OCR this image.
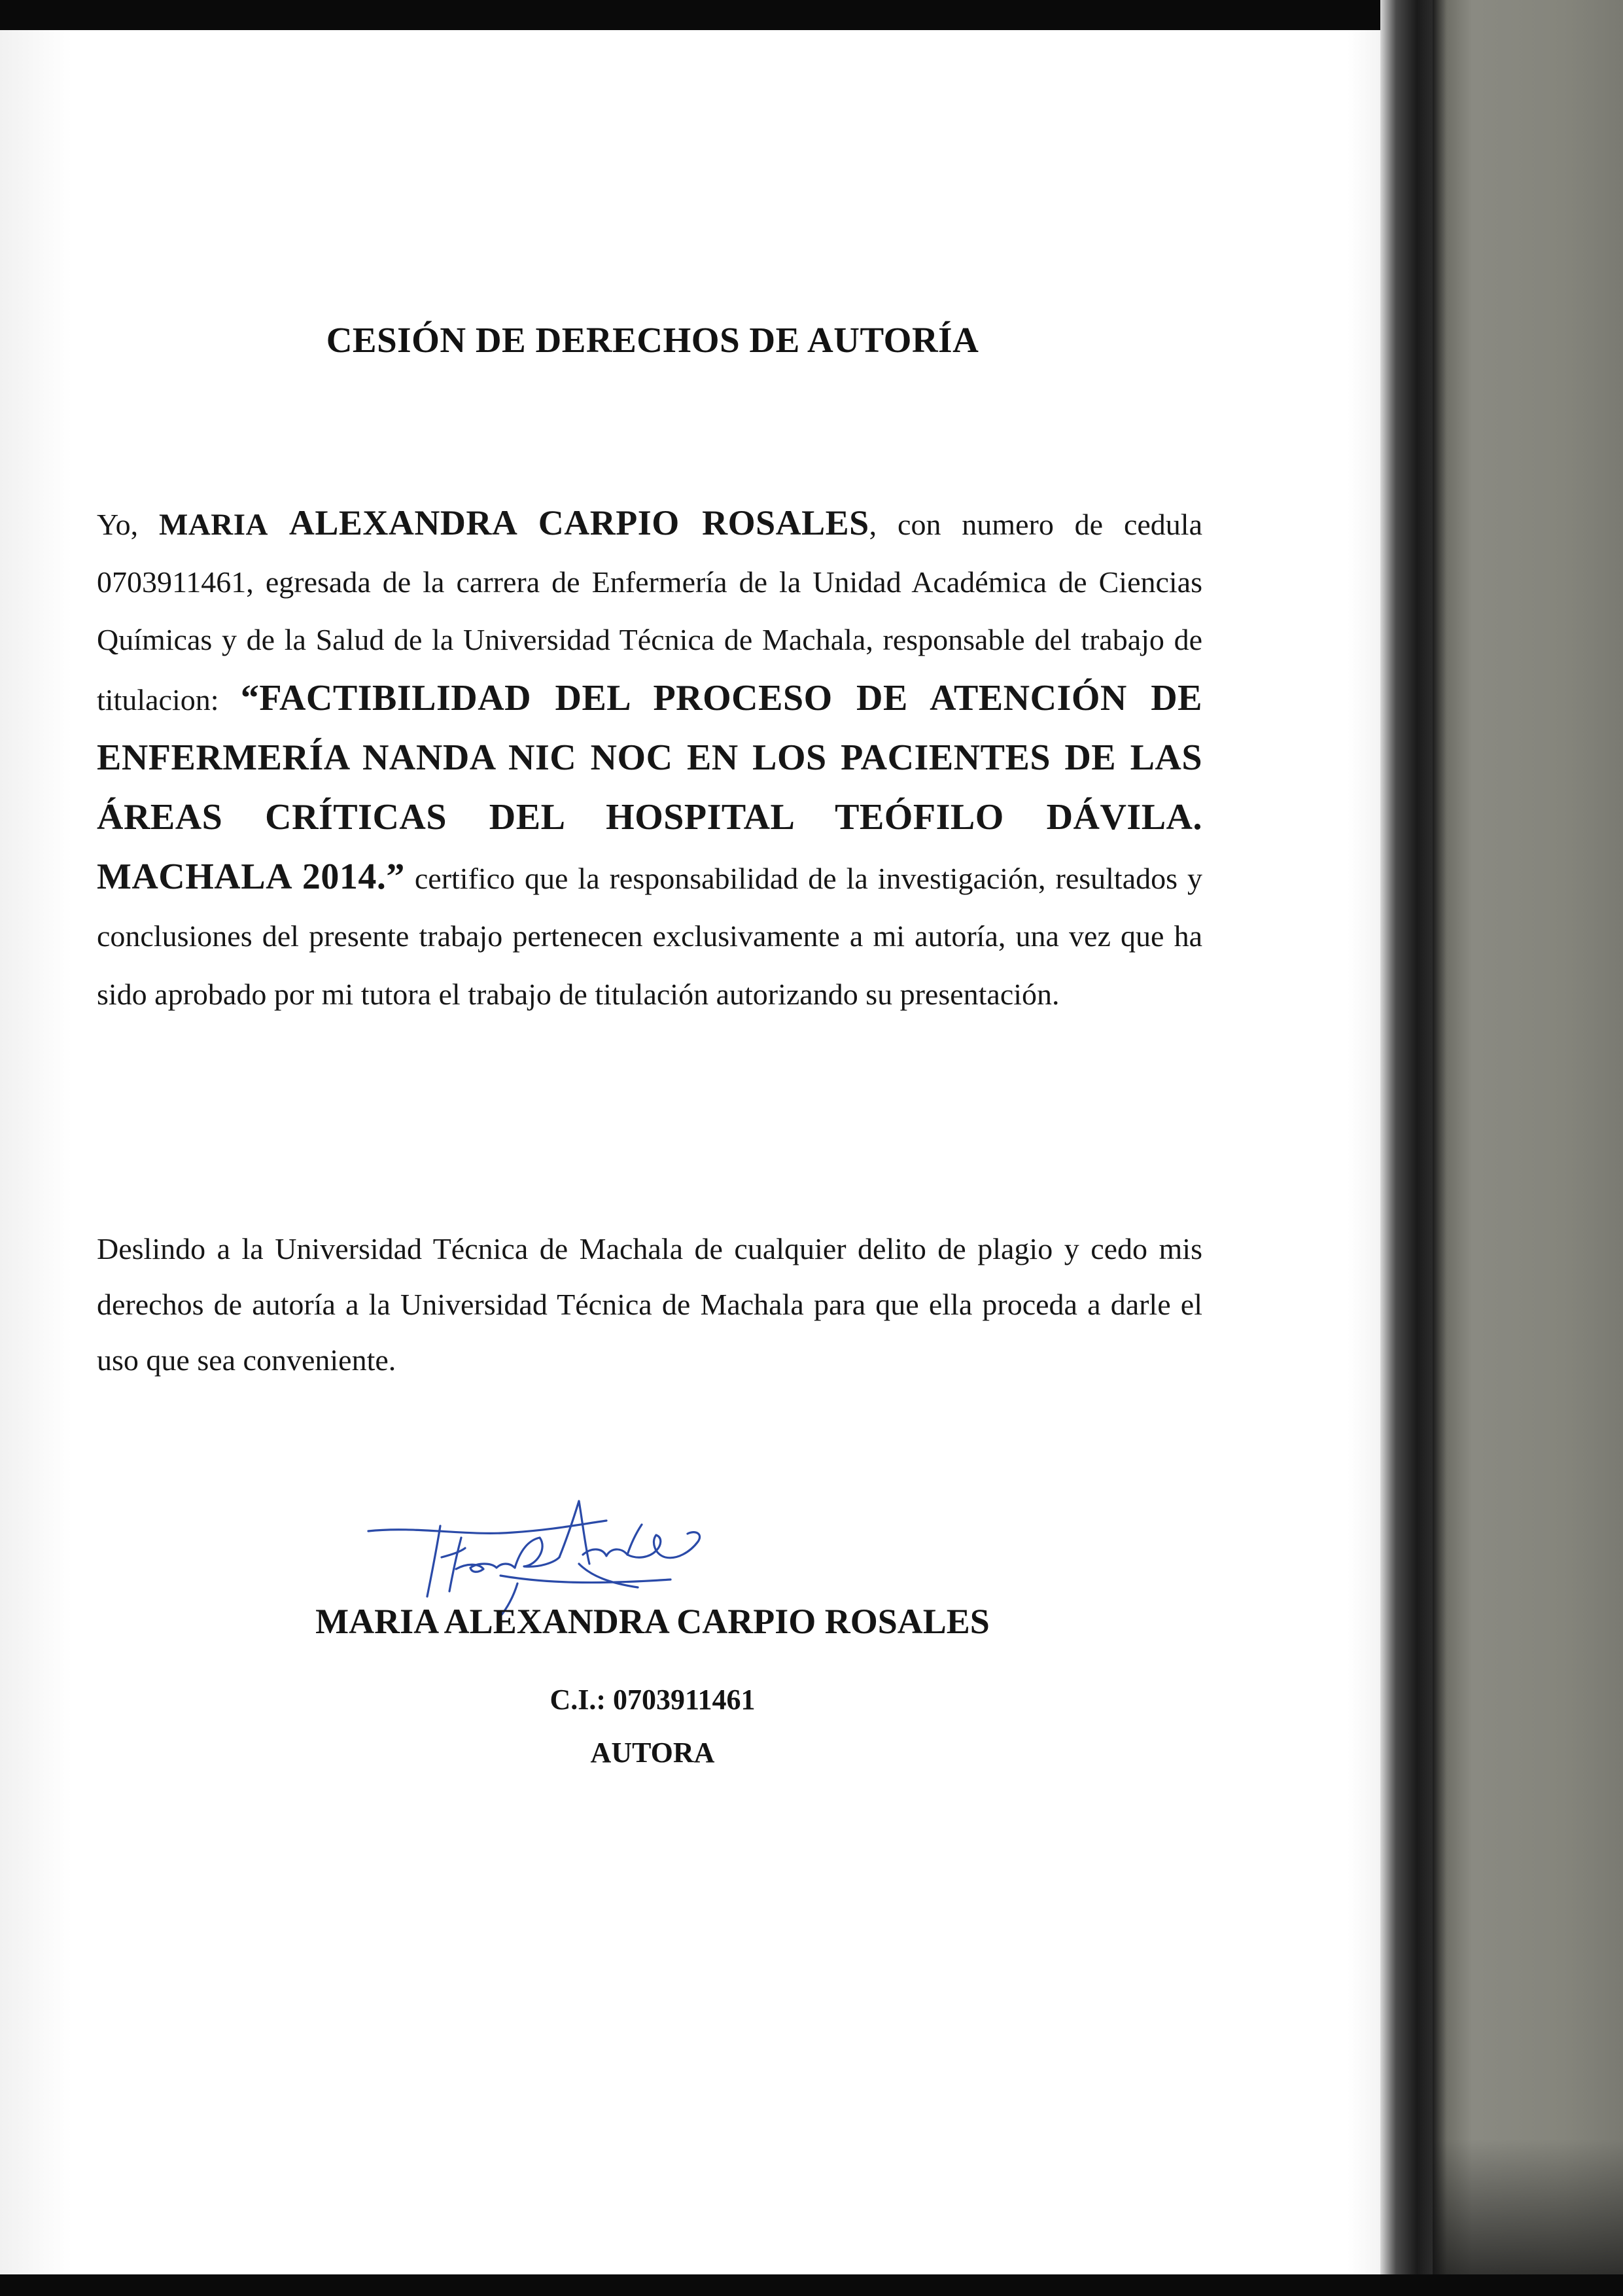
CESIÓN DE DERECHOS DE AUTORÍA
Yo, MARIA ALEXANDRA CARPIO ROSALES, con numero de cedula 0703911461, egresada de la carrera de Enfermería de la Unidad Académica de Ciencias Químicas y de la Salud de la Universidad Técnica de Machala, responsable del trabajo de titulacion: “FACTIBILIDAD DEL PROCESO DE ATENCIÓN DE ENFERMERÍA NANDA NIC NOC EN LOS PACIENTES DE LAS ÁREAS CRÍTICAS DEL HOSPITAL TEÓFILO DÁVILA. MACHALA 2014.” certifico que la responsabilidad de la investigación, resultados y conclusiones del presente trabajo pertenecen exclusivamente a mi autoría, una vez que ha sido aprobado por mi tutora el trabajo de titulación autorizando su presentación.
Deslindo a la Universidad Técnica de Machala de cualquier delito de plagio y cedo mis derechos de autoría a la Universidad Técnica de Machala para que ella proceda a darle el uso que sea conveniente.
MARIA ALEXANDRA CARPIO ROSALES
C.I.: 0703911461
AUTORA
